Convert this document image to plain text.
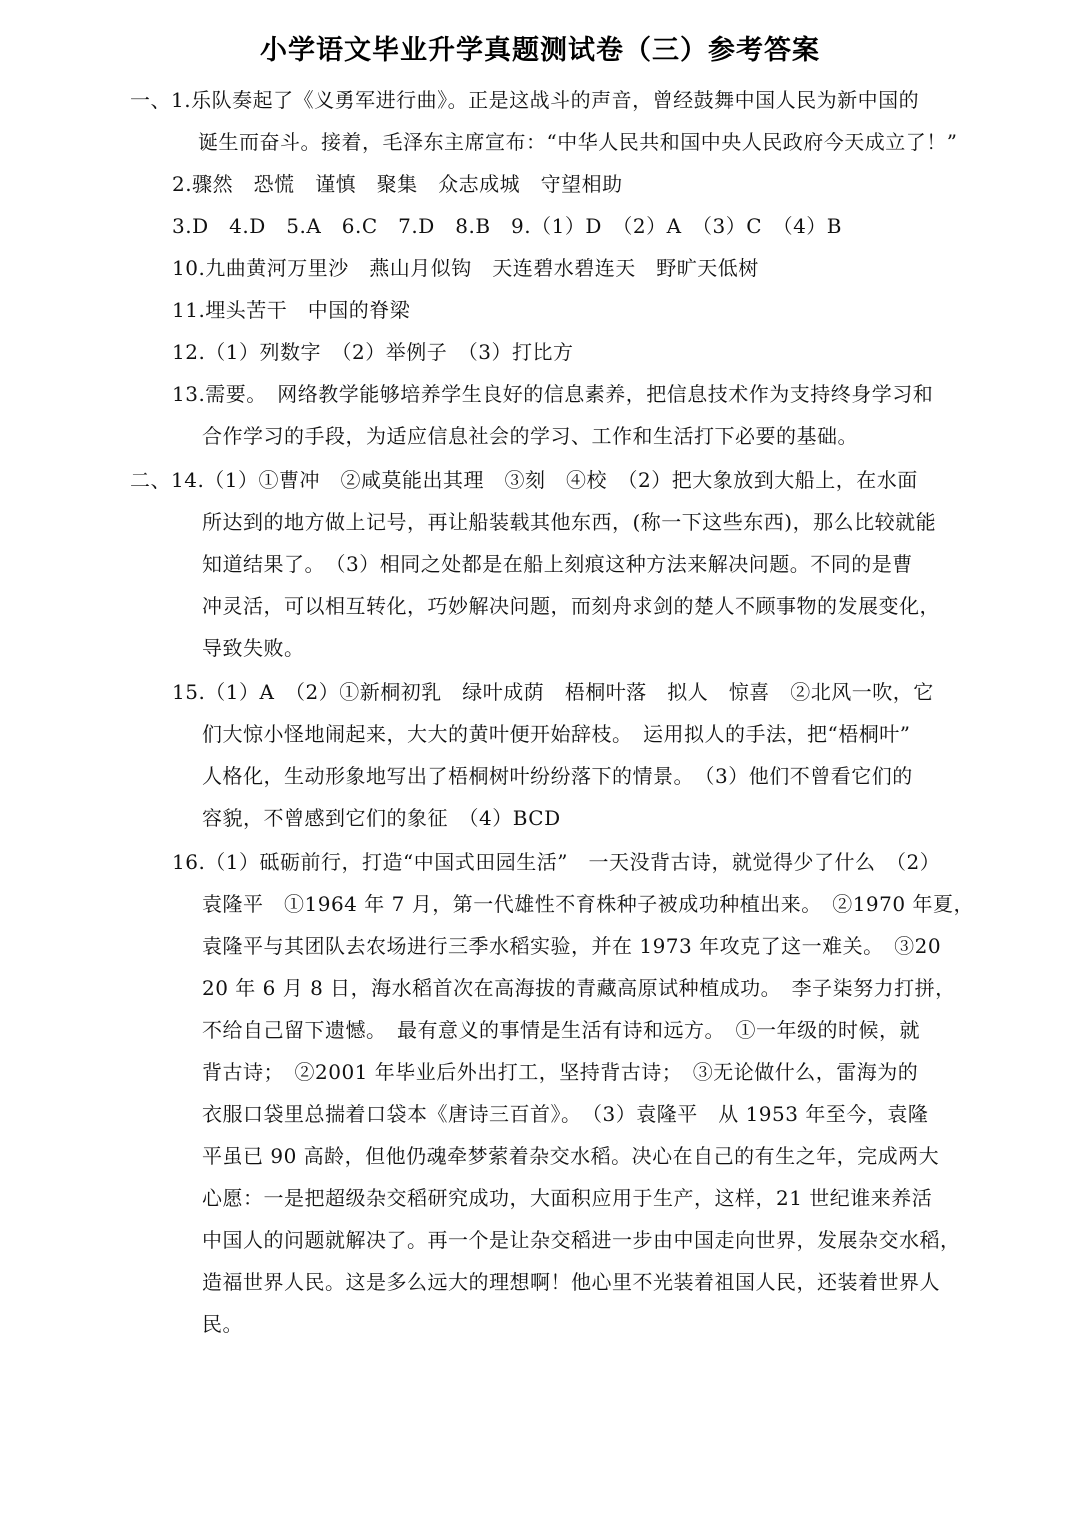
小学语文毕业升学真题测试卷（三）参考答案
一、1.乐队奏起了《义勇军进行曲》。正是这战斗的声音，曾经鼓舞中国人民为新中国的
诞生而奋斗。接着，毛泽东主席宣布：“中华人民共和国中央人民政府今天成立了！”
2.骤然　恐慌　谨慎　聚集　众志成城　守望相助
3.D　4.D　5.A　6.C　7.D　8.B　9.（1）D　（2）A　（3）C　（4）B
10.九曲黄河万里沙　燕山月似钩　天连碧水碧连天　野旷天低树
11.埋头苦干　中国的脊梁
12.（1）列数字　（2）举例子　（3）打比方
13.需要。　网络教学能够培养学生良好的信息素养，把信息技术作为支持终身学习和
合作学习的手段，为适应信息社会的学习、工作和生活打下必要的基础。
二、14.（1）①曹冲　②咸莫能出其理　③刻　④校　（2）把大象放到大船上，在水面
所达到的地方做上记号，再让船装载其他东西，(称一下这些东西)，那么比较就能
知道结果了。　（3）相同之处都是在船上刻痕这种方法来解决问题。不同的是曹
冲灵活，可以相互转化，巧妙解决问题，而刻舟求剑的楚人不顾事物的发展变化，
导致失败。
15.（1）A　（2）①新桐初乳　绿叶成荫　梧桐叶落　拟人　惊喜　②北风一吹，它
们大惊小怪地闹起来，大大的黄叶便开始辞枝。　运用拟人的手法，把“梧桐叶”
人格化，生动形象地写出了梧桐树叶纷纷落下的情景。　（3）他们不曾看它们的
容貌，不曾感到它们的象征　（4）BCD
16.（1）砥砺前行，打造“中国式田园生活”　一天没背古诗，就觉得少了什么　（2）
袁隆平　①1964 年 7 月，第一代雄性不育株种子被成功种植出来。　②1970 年夏，
袁隆平与其团队去农场进行三季水稻实验，并在 1973 年攻克了这一难关。　③20
20 年 6 月 8 日，海水稻首次在高海拔的青藏高原试种植成功。　李子柒努力打拼，
不给自己留下遗憾。　最有意义的事情是生活有诗和远方。　①一年级的时候，就
背古诗；　②2001 年毕业后外出打工，坚持背古诗；　③无论做什么，雷海为的
衣服口袋里总揣着口袋本《唐诗三百首》。　（3）袁隆平　从 1953 年至今，袁隆
平虽已 90 高龄，但他仍魂牵梦萦着杂交水稻。决心在自己的有生之年，完成两大
心愿：一是把超级杂交稻研究成功，大面积应用于生产，这样，21 世纪谁来养活
中国人的问题就解决了。再一个是让杂交稻进一步由中国走向世界，发展杂交水稻，
造福世界人民。这是多么远大的理想啊！他心里不光装着祖国人民，还装着世界人
民。
